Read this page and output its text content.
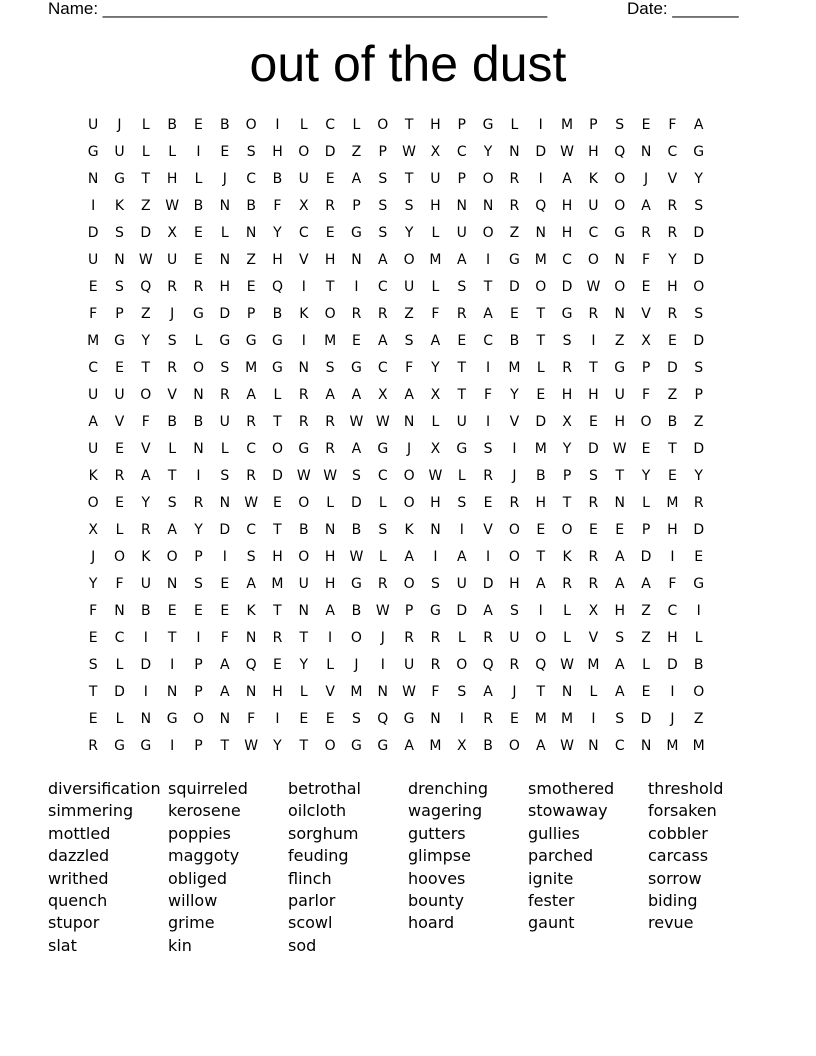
Name: _______________________________________________	Date: _______
out of the dust
U	J	L	B	E	B	O	I	L	C	L	O	T	H	P	G	L	I	M	P	S	E	F	A
G	U	L	L	I	E	S	H	O	D	Z	P	W	X	C	Y	N	D	W	H	Q	N	C	G
N	G	T	H	L	J	C	B	U	E	A	S	T	U	P	O	R	I	A	K	O	J	V	Y
I	K	Z	W	B	N	B	F	X	R	P	S	S	H	N	N	R	Q	H	U	O	A	R	S
D	S	D	X	E	L	N	Y	C	E	G	S	Y	L	U	O	Z	N	H	C	G	R	R	D
U	N	W	U	E	N	Z	H	V	H	N	A	O	M	A	I	G	M	C	O	N	F	Y	D
E	S	Q	R	R	H	E	Q	I	T	I	C	U	L	S	T	D	O	D	W O	E	H	O
F	P	Z	J	G	D	P	B	K	O	R	R	Z	F	R	A	E	T	G	R	N	V	R	S
M	G	Y	S	L	G	G	G	I	M	E	A	S	A	E	C	B	T	S	I	Z	X	E	D
C	E	T	R	O	S	M	G	N	S	G	C	F	Y	T	I	M	L	R	T	G	P	D	S
U	U	O	V	N	R	A	L	R	A	A	X	A	X	T	F	Y	E	H	H	U	F	Z	P
A	V	F	B	B	U	R	T	R	R	W W	N	L	U	I	V	D	X	E	H	O	B	Z
U	E	V	L	N	L	C	O	G	R	A	G	J	X	G	S	I	M	Y	D	W	E	T	D
K	R	A	T	I	S	R	D	W W	S	C	O W	L	R	J	B	P	S	T	Y	E	Y
O	E	Y	S	R	N	W	E	O	L	D	L	O	H	S	E	R	H	T	R	N	L	M	R
X	L	R	A	Y	D	C	T	B	N	B	S	K	N	I	V	O	E	O	E	E	P	H	D
J	O	K	O	P	I	S	H	O	H	W	L	A	I	A	I	O	T	K	R	A	D	I	E
Y	F	U	N	S	E	A	M	U	H	G	R	O	S	U	D	H	A	R	R	A	A	F	G
F	N	B	E	E	E	K	T	N	A	B	W	P	G	D	A	S	I	L	X	H	Z	C	I
E	C	I	T	I	F	N	R	T	I	O	J	R	R	L	R	U	O	L	V	S	Z	H	L
S	L	D	I	P	A	Q	E	Y	L	J	I	U	R	O	Q	R	Q W M	A	L	D	B
T	D	I	N	P	A	N	H	L	V	M	N	W	F	S	A	J	T	N	L	A	E	I	O
E	L	N	G	O	N	F	I	E	E	S	Q	G	N	I	R	E	M	M	I	S	D	J	Z
R	G	G	I	P	T	W	Y	T	O	G	G	A	M	X	B	O	A	W	N	C	N	M	M
diversification
simmering
mottled
dazzled
writhed
quench
stupor
slat
squirreled
kerosene
poppies
maggoty
obliged
willow
grime
kin
betrothal
oilcloth
sorghum
feuding
flinch
parlor
scowl
sod
drenching
wagering
gutters
glimpse
hooves
bounty
hoard
smothered
stowaway
gullies
parched
ignite
fester
gaunt
threshold
forsaken
cobbler
carcass
sorrow
biding
revue
